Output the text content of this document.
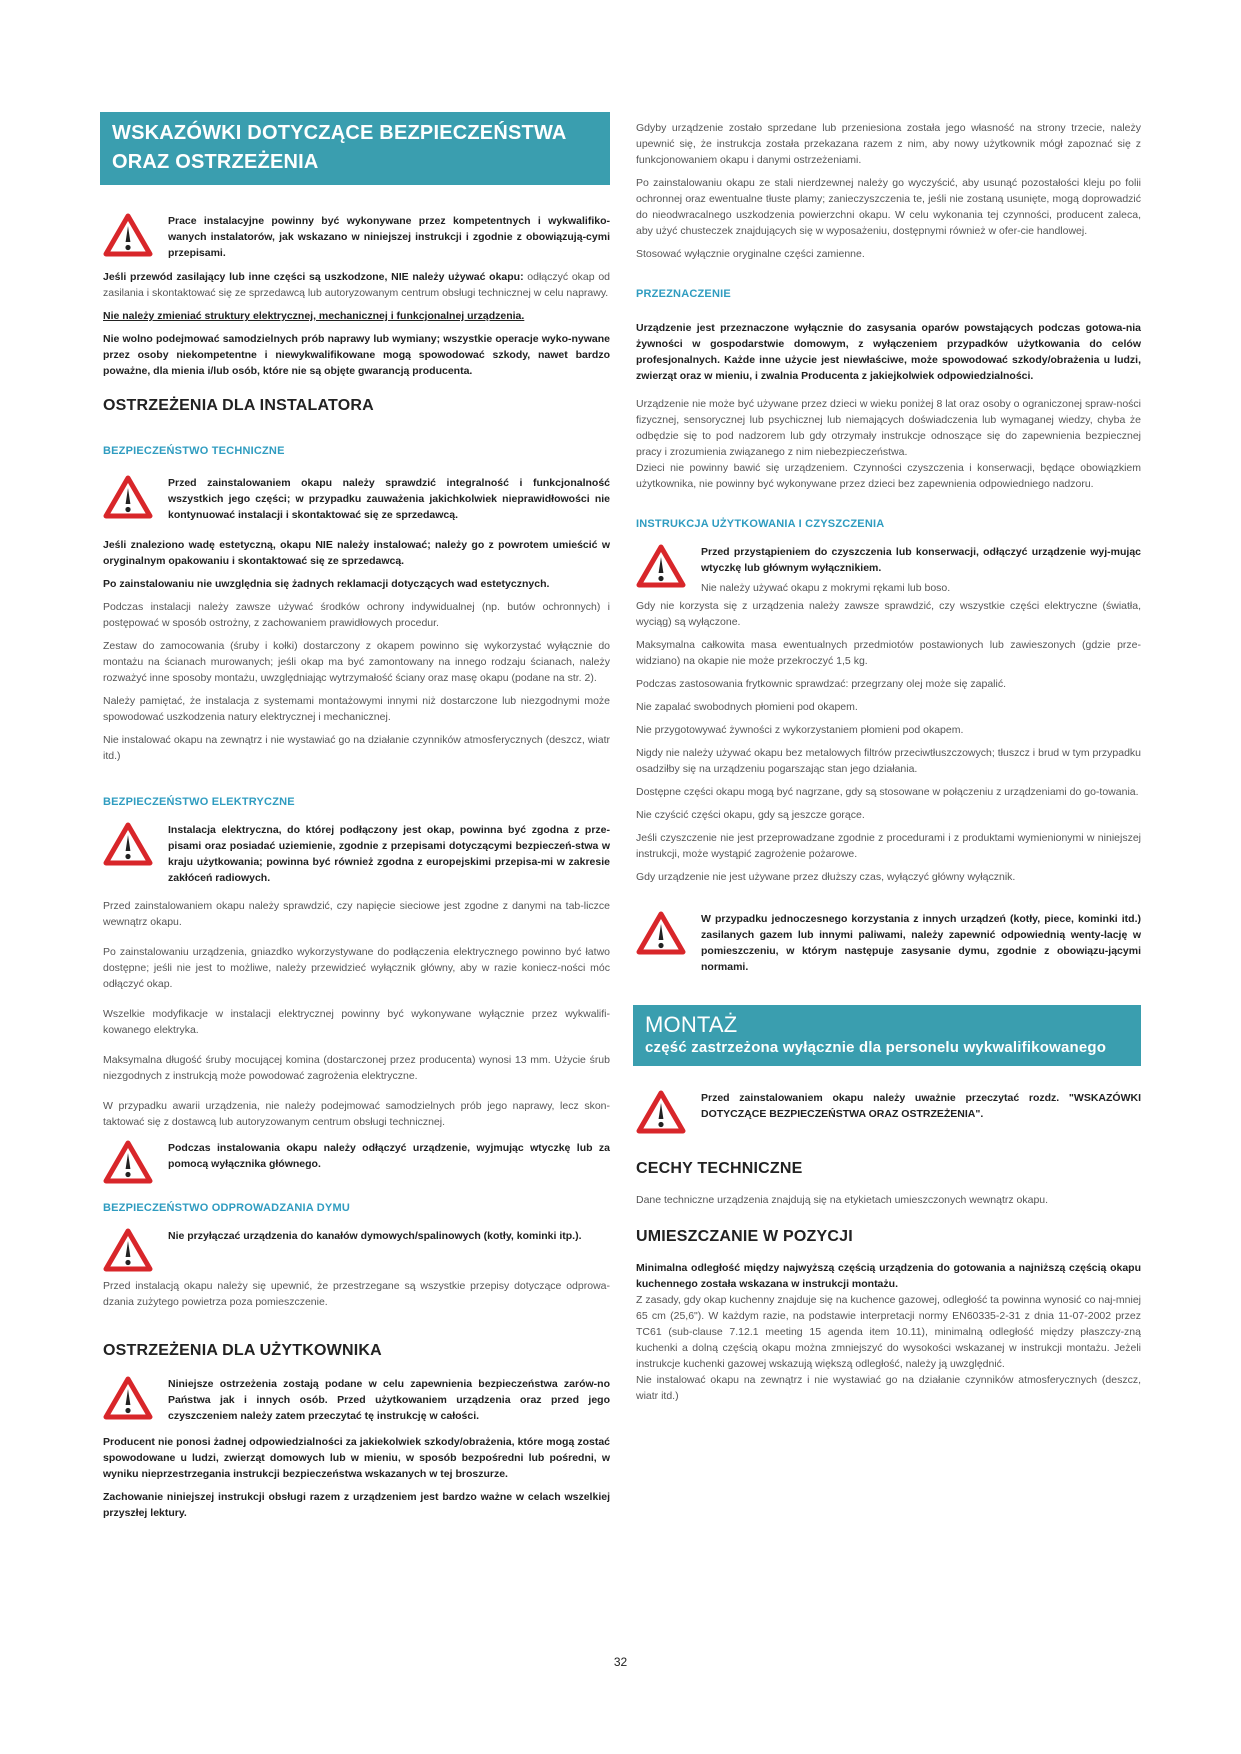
WSKAZÓWKI DOTYCZĄCE BEZPIECZEŃSTWA
ORAZ OSTRZEŻENIA
Prace instalacyjne powinny być wykonywane przez kompetentnych i wykwalifiko-wanych instalatorów, jak wskazano w niniejszej instrukcji i zgodnie z obowiązują-cymi przepisami.

Jeśli przewód zasilający lub inne części są uszkodzone, NIE należy używać okapu: odłączyć okap od zasilania i skontaktować się ze sprzedawcą lub autoryzowanym centrum obsługi technicznej w celu naprawy.

Nie należy zmieniać struktury elektrycznej, mechanicznej i funkcjonalnej urządzenia.

Nie wolno podejmować samodzielnych prób naprawy lub wymiany; wszystkie operacje wyko-nywane przez osoby niekompetentne i niewykwalifikowane mogą spowodować szkody, nawet bardzo poważne, dla mienia i/lub osób, które nie są objęte gwarancją producenta.

OSTRZEŻENIA DLA INSTALATORA
BEZPIECZEŃSTWO TECHNICZNE
Przed zainstalowaniem okapu należy sprawdzić integralność i funkcjonalność wszystkich jego części; w przypadku zauważenia jakichkolwiek nieprawidłowości nie kontynuować instalacji i skontaktować się ze sprzedawcą.

Jeśli znaleziono wadę estetyczną, okapu NIE należy instalować; należy go z powrotem umieścić w oryginalnym opakowaniu i skontaktować się ze sprzedawcą.

Po zainstalowaniu nie uwzględnia się żadnych reklamacji dotyczących wad estetycznych.

Podczas instalacji należy zawsze używać środków ochrony indywidualnej (np. butów ochronnych) i postępować w sposób ostrożny, z zachowaniem prawidłowych procedur.

Zestaw do zamocowania (śruby i kołki) dostarczony z okapem powinno się wykorzystać wyłącznie do montażu na ścianach murowanych; jeśli okap ma być zamontowany na innego rodzaju ścianach, należy rozważyć inne sposoby montażu, uwzględniając wytrzymałość ściany oraz masę okapu (podane na str. 2).

Należy pamiętać, że instalacja z systemami montażowymi innymi niż dostarczone lub niezgodnymi może spowodować uszkodzenia natury elektrycznej i mechanicznej.

Nie instalować okapu na zewnątrz i nie wystawiać go na działanie czynników atmosferycznych (deszcz, wiatr itd.)

BEZPIECZEŃSTWO ELEKTRYCZNE
Instalacja elektryczna, do której podłączony jest okap, powinna być zgodna z prze-pisami oraz posiadać uziemienie, zgodnie z przepisami dotyczącymi bezpieczeń-stwa w kraju użytkowania; powinna być również zgodna z europejskimi przepisa-mi w zakresie zakłóceń radiowych.

Przed zainstalowaniem okapu należy sprawdzić, czy napięcie sieciowe jest zgodne z danymi na tab-liczce wewnątrz okapu.

Po zainstalowaniu urządzenia, gniazdko wykorzystywane do podłączenia elektrycznego powinno być łatwo dostępne; jeśli nie jest to możliwe, należy przewidzieć wyłącznik główny, aby w razie koniecz-ności móc odłączyć okap.

Wszelkie modyfikacje w instalacji elektrycznej powinny być wykonywane wyłącznie przez wykwalifi-kowanego elektryka.

Maksymalna długość śruby mocującej komina (dostarczonej przez producenta) wynosi 13 mm. Użycie śrub niezgodnych z instrukcją może powodować zagrożenia elektryczne.

W przypadku awarii urządzenia, nie należy podejmować samodzielnych prób jego naprawy, lecz skon-taktować się z dostawcą lub autoryzowanym centrum obsługi technicznej.

Podczas instalowania okapu należy odłączyć urządzenie, wyjmując wtyczkę lub za pomocą wyłącznika głównego.
BEZPIECZEŃSTWO ODPROWADZANIA DYMU
Nie przyłączać urządzenia do kanałów dymowych/spalinowych (kotły, kominki itp.).

Przed instalacją okapu należy się upewnić, że przestrzegane są wszystkie przepisy dotyczące odprowa-dzania zużytego powietrza poza pomieszczenie.

OSTRZEŻENIA DLA UŻYTKOWNIKA
Niniejsze ostrzeżenia zostają podane w celu zapewnienia bezpieczeństwa zarów-no Państwa jak i innych osób. Przed użytkowaniem urządzenia oraz przed jego czyszczeniem należy zatem przeczytać tę instrukcję w całości.

Producent nie ponosi żadnej odpowiedzialności za jakiekolwiek szkody/obrażenia, które mogą zostać spowodowane u ludzi, zwierząt domowych lub w mieniu, w sposób bezpośredni lub pośredni, w wyniku nieprzestrzegania instrukcji bezpieczeństwa wskazanych w tej broszurze.

Zachowanie niniejszej instrukcji obsługi razem z urządzeniem jest bardzo ważne w celach wszelkiej przyszłej lektury.

Gdyby urządzenie zostało sprzedane lub przeniesiona została jego własność na strony trzecie, należy upewnić się, że instrukcja została przekazana razem z nim, aby nowy użytkownik mógł zapoznać się z funkcjonowaniem okapu i danymi ostrzeżeniami.

Po zainstalowaniu okapu ze stali nierdzewnej należy go wyczyścić, aby usunąć pozostałości kleju po folii ochronnej oraz ewentualne tłuste plamy; zanieczyszczenia te, jeśli nie zostaną usunięte, mogą doprowadzić do nieodwracalnego uszkodzenia powierzchni okapu. W celu wykonania tej czynności, producent zaleca, aby użyć chusteczek znajdujących się w wyposażeniu, dostępnymi również w ofer-cie handlowej.

Stosować wyłącznie oryginalne części zamienne.

PRZEZNACZENIE

Urządzenie jest przeznaczone wyłącznie do zasysania oparów powstających podczas gotowa-nia żywności w gospodarstwie domowym, z wyłączeniem przypadków użytkowania do celów profesjonalnych. Każde inne użycie jest niewłaściwe, może spowodować szkody/obrażenia u ludzi, zwierząt oraz w mieniu, i zwalnia Producenta z jakiejkolwiek odpowiedzialności.

Urządzenie nie może być używane przez dzieci w wieku poniżej 8 lat oraz osoby o ograniczonej spraw-ności fizycznej, sensorycznej lub psychicznej lub niemających doświadczenia lub wymaganej wiedzy, chyba że odbędzie się to pod nadzorem lub gdy otrzymały instrukcje odnoszące się do zapewnienia bezpiecznej pracy i zrozumienia związanego z nim niebezpieczeństwa.

Dzieci nie powinny bawić się urządzeniem. Czynności czyszczenia i konserwacji, będące obowiązkiem użytkownika, nie powinny być wykonywane przez dzieci bez zapewnienia odpowiedniego nadzoru.

INSTRUKCJA UŻYTKOWANIA I CZYSZCZENIA

Przed przystąpieniem do czyszczenia lub konserwacji, odłączyć urządzenie wyj-mując wtyczkę lub głównym wyłącznikiem.

Nie należy używać okapu z mokrymi rękami lub boso.

Gdy nie korzysta się z urządzenia należy zawsze sprawdzić, czy wszystkie części elektryczne (światła, wyciąg) są wyłączone.

Maksymalna całkowita masa ewentualnych przedmiotów postawionych lub zawieszonych (gdzie prze-widziano) na okapie nie może przekroczyć 1,5 kg.

Podczas zastosowania frytkownic sprawdzać: przegrzany olej może się zapalić.

Nie zapalać swobodnych płomieni pod okapem.

Nie przygotowywać żywności z wykorzystaniem płomieni pod okapem.

Nigdy nie należy używać okapu bez metalowych filtrów przeciwtłuszczowych; tłuszcz i brud w tym przypadku osadziłby się na urządzeniu pogarszając stan jego działania.

Dostępne części okapu mogą być nagrzane, gdy są stosowane w połączeniu z urządzeniami do go-towania.

Nie czyścić części okapu, gdy są jeszcze gorące.

Jeśli czyszczenie nie jest przeprowadzane zgodnie z procedurami i z produktami wymienionymi w niniejszej instrukcji, może wystąpić zagrożenie pożarowe.

Gdy urządzenie nie jest używane przez dłuższy czas, wyłączyć główny wyłącznik.

W przypadku jednoczesnego korzystania z innych urządzeń (kotły, piece, kominki itd.) zasilanych gazem lub innymi paliwami, należy zapewnić odpowiednią wenty-lację w pomieszczeniu, w którym następuje zasysanie dymu, zgodnie z obowiązu-jącymi normami.
MONTAŻ
część zastrzeżona wyłącznie dla personelu wykwalifikowanego
Przed zainstalowaniem okapu należy uważnie przeczytać rozdz. "WSKAZÓWKI DOTYCZĄCE BEZPIECZEŃSTWA ORAZ OSTRZEŻENIA".
CECHY TECHNICZNE

Dane techniczne urządzenia znajdują się na etykietach umieszczonych wewnątrz okapu.

UMIESZCZANIE W POZYCJI

Minimalna odległość między najwyższą częścią urządzenia do gotowania a najniższą częścią okapu kuchennego została wskazana w instrukcji montażu.

Z zasady, gdy okap kuchenny znajduje się na kuchence gazowej, odległość ta powinna wynosić co naj-mniej 65 cm (25,6"). W każdym razie, na podstawie interpretacji normy EN60335-2-31 z dnia 11-07-2002 przez TC61 (sub-clause 7.12.1 meeting 15 agenda item 10.11), minimalną odległość między płaszczy-zną kuchenki a dolną częścią okapu można zmniejszyć do wysokości wskazanej w instrukcji montażu. Jeżeli instrukcje kuchenki gazowej wskazują większą odległość, należy ją uwzględnić.

Nie instalować okapu na zewnątrz i nie wystawiać go na działanie czynników atmosferycznych (deszcz, wiatr itd.)

32
